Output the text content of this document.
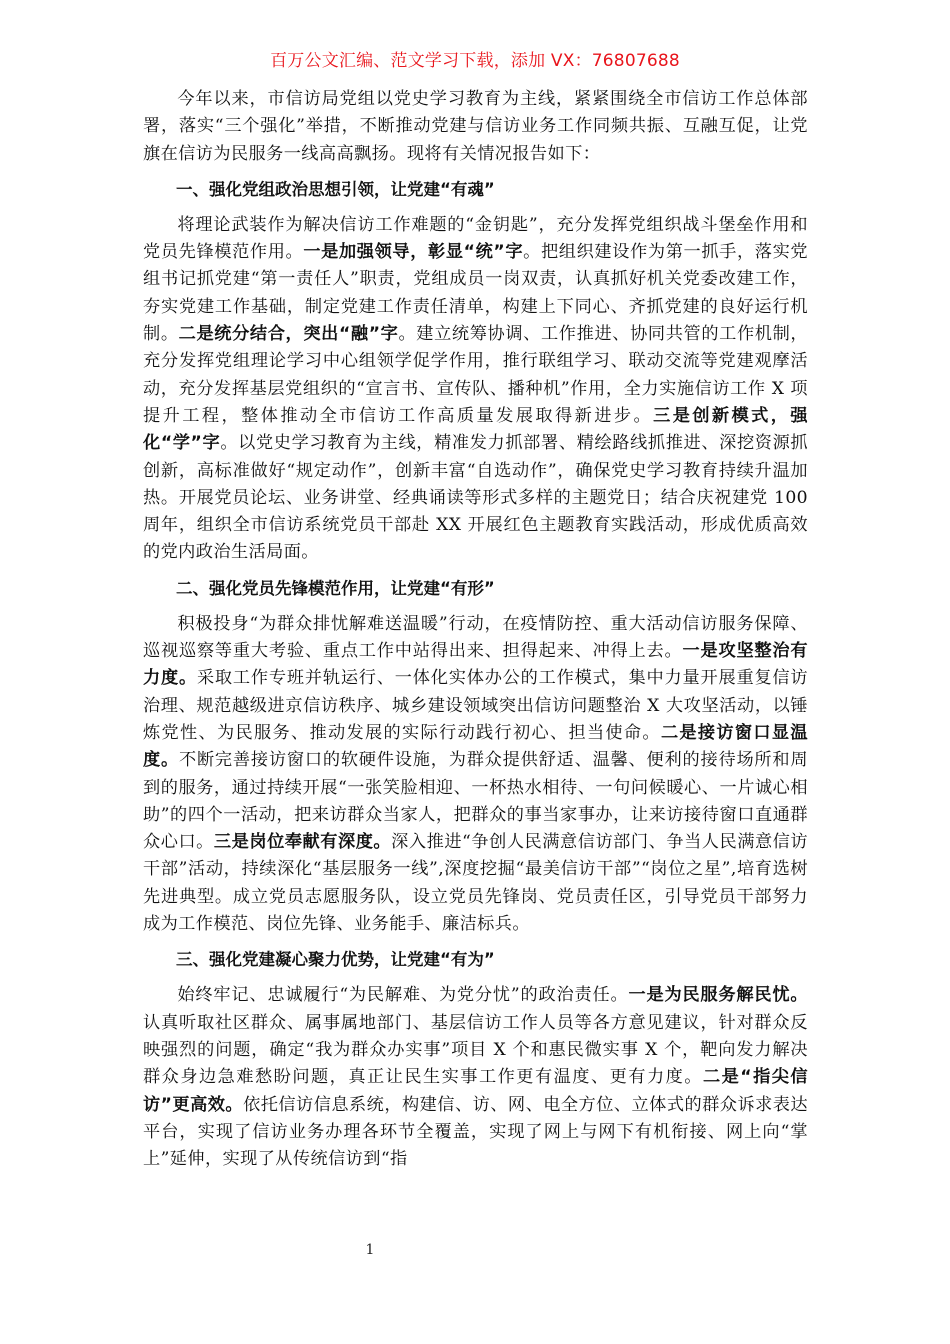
百万公文汇编、范文学习下载，添加 VX：76807688

今年以来，市信访局党组以党史学习教育为主线，紧紧围绕全市信访工作总体部署，落实“三个强化”举措，不断推动党建与信访业务工作同频共振、互融互促，让党旗在信访为民服务一线高高飘扬。现将有关情况报告如下：

一、强化党组政治思想引领，让党建“有魂”

将理论武装作为解决信访工作难题的“金钥匙”，充分发挥党组织战斗堡垒作用和党员先锋模范作用。一是加强领导，彰显“统”字。把组织建设作为第一抓手，落实党组书记抓党建“第一责任人”职责，党组成员一岗双责，认真抓好机关党委改建工作，夯实党建工作基础，制定党建工作责任清单，构建上下同心、齐抓党建的良好运行机制。二是统分结合，突出“融”字。建立统筹协调、工作推进、协同共管的工作机制，充分发挥党组理论学习中心组领学促学作用，推行联组学习、联动交流等党建观摩活动，充分发挥基层党组织的“宣言书、宣传队、播种机”作用，全力实施信访工作 X 项提升工程，整体推动全市信访工作高质量发展取得新进步。三是创新模式，强化“学”字。以党史学习教育为主线，精准发力抓部署、精绘路线抓推进、深挖资源抓创新，高标准做好“规定动作”，创新丰富“自选动作”，确保党史学习教育持续升温加热。开展党员论坛、业务讲堂、经典诵读等形式多样的主题党日；结合庆祝建党 100 周年，组织全市信访系统党员干部赴 XX 开展红色主题教育实践活动，形成优质高效的党内政治生活局面。

二、强化党员先锋模范作用，让党建“有形”

积极投身“为群众排忧解难送温暖”行动，在疫情防控、重大活动信访服务保障、巡视巡察等重大考验、重点工作中站得出来、担得起来、冲得上去。一是攻坚整治有力度。采取工作专班并轨运行、一体化实体办公的工作模式，集中力量开展重复信访治理、规范越级进京信访秩序、城乡建设领域突出信访问题整治 X 大攻坚活动，以锤炼党性、为民服务、推动发展的实际行动践行初心、担当使命。二是接访窗口显温度。不断完善接访窗口的软硬件设施，为群众提供舒适、温馨、便利的接待场所和周到的服务，通过持续开展“一张笑脸相迎、一杯热水相待、一句问候暖心、一片诚心相助”的四个一活动，把来访群众当家人，把群众的事当家事办，让来访接待窗口直通群众心口。三是岗位奉献有深度。深入推进“争创人民满意信访部门、争当人民满意信访干部”活动，持续深化“基层服务一线”,深度挖掘“最美信访干部”“岗位之星”,培育选树先进典型。成立党员志愿服务队，设立党员先锋岗、党员责任区，引导党员干部努力成为工作模范、岗位先锋、业务能手、廉洁标兵。

三、强化党建凝心聚力优势，让党建“有为”

始终牢记、忠诚履行“为民解难、为党分忧”的政治责任。一是为民服务解民忧。认真听取社区群众、属事属地部门、基层信访工作人员等各方意见建议，针对群众反映强烈的问题，确定“我为群众办实事”项目 X 个和惠民微实事 X 个，靶向发力解决群众身边急难愁盼问题，真正让民生实事工作更有温度、更有力度。二是“指尖信访”更高效。依托信访信息系统，构建信、访、网、电全方位、立体式的群众诉求表达平台，实现了信访业务办理各环节全覆盖，实现了网上与网下有机衔接、网上向“掌上”延伸，实现了从传统信访到“指

1
